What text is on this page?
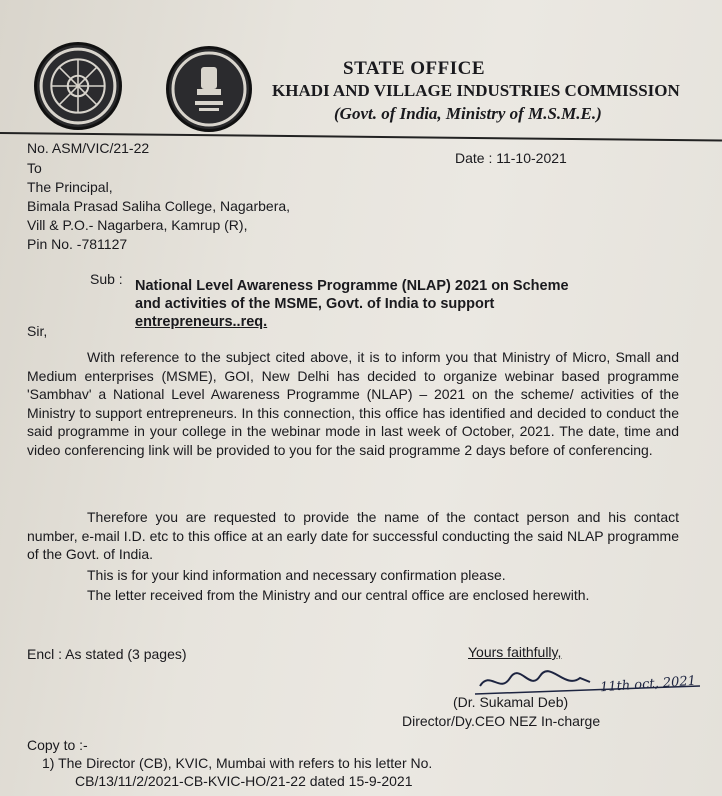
STATE OFFICE
KHADI AND VILLAGE INDUSTRIES COMMISSION
(Govt. of India, Ministry of M.S.M.E.)
No. ASM/VIC/21-22
Date : 11-10-2021
To
The Principal,
Bimala Prasad Saliha College, Nagarbera,
Vill & P.O.- Nagarbera, Kamrup (R),
Pin No. -781127
Sub : National Level Awareness Programme (NLAP) 2021 on Scheme
and activities of the MSME, Govt. of India to support
entrepreneurs..req.
Sir,
With reference to the subject cited above, it is to inform you that Ministry of Micro, Small and Medium enterprises (MSME), GOI, New Delhi has decided to organize webinar based programme 'Sambhav' a National Level Awareness Programme (NLAP) – 2021 on the scheme/ activities of the Ministry to support entrepreneurs. In this connection, this office has identified and decided to conduct the said programme in your college in the webinar mode in last week of October, 2021. The date, time and video conferencing link will be provided to you for the said programme 2 days before of conferencing.
Therefore you are requested to provide the name of the contact person and his contact number, e-mail I.D. etc to this office at an early date for successful conducting the said NLAP programme of the Govt. of India.
This is for your kind information and necessary confirmation please.
The letter received from the Ministry and our central office are enclosed herewith.
Encl : As stated (3 pages)	Yours faithfully,
11th oct, 2021
(Dr. Sukamal Deb)
Director/Dy.CEO NEZ In-charge
Copy to :-
1) The Director (CB), KVIC, Mumbai with refers to his letter No.
CB/13/11/2/2021-CB-KVIC-HO/21-22 dated 15-9-2021
